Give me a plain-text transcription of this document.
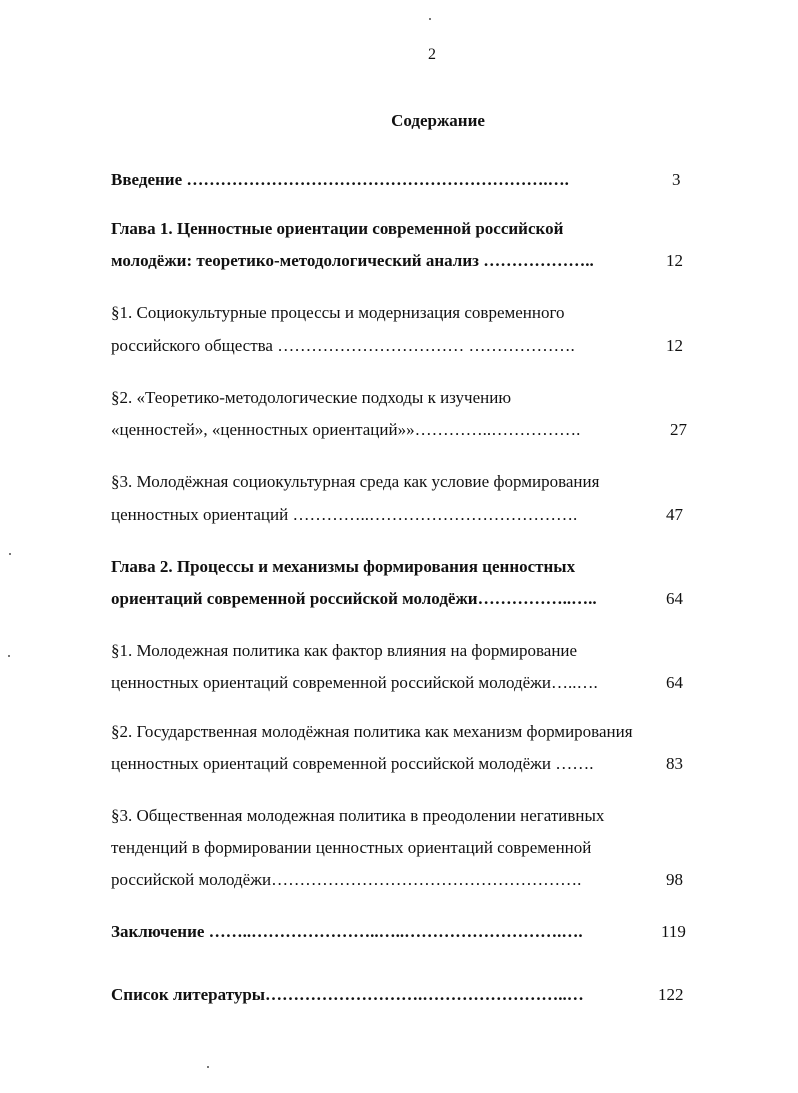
2
Содержание
Введение ……………………………………………………….….	3
Глава 1. Ценностные ориентации современной российской
молодёжи: теоретико-методологический анализ ………………..	12
§1. Социокультурные процессы и модернизация современного
российского общества …………………………… ……………….	12
§2. «Теоретико-методологические подходы к изучению
«ценностей», «ценностных ориентаций»»…………..…………….	27
§3. Молодёжная социокультурная среда как условие формирования
ценностных ориентаций …………..……………………………….	47
Глава 2. Процессы и механизмы формирования ценностных
ориентаций современной российской молодёжи……………..…..	64
§1. Молодежная политика как фактор влияния на формирование
ценностных ориентаций современной российской молодёжи…..….	64
§2. Государственная молодёжная политика как механизм формирования
ценностных ориентаций современной российской молодёжи …….	83
§3. Общественная молодежная политика в преодолении негативных
тенденций в формировании ценностных ориентаций современной
российской молодёжи……………………………………………….	98
Заключение ……..…………………..…..……………………….….	119
Список литературы……………………….……………………..…	122
